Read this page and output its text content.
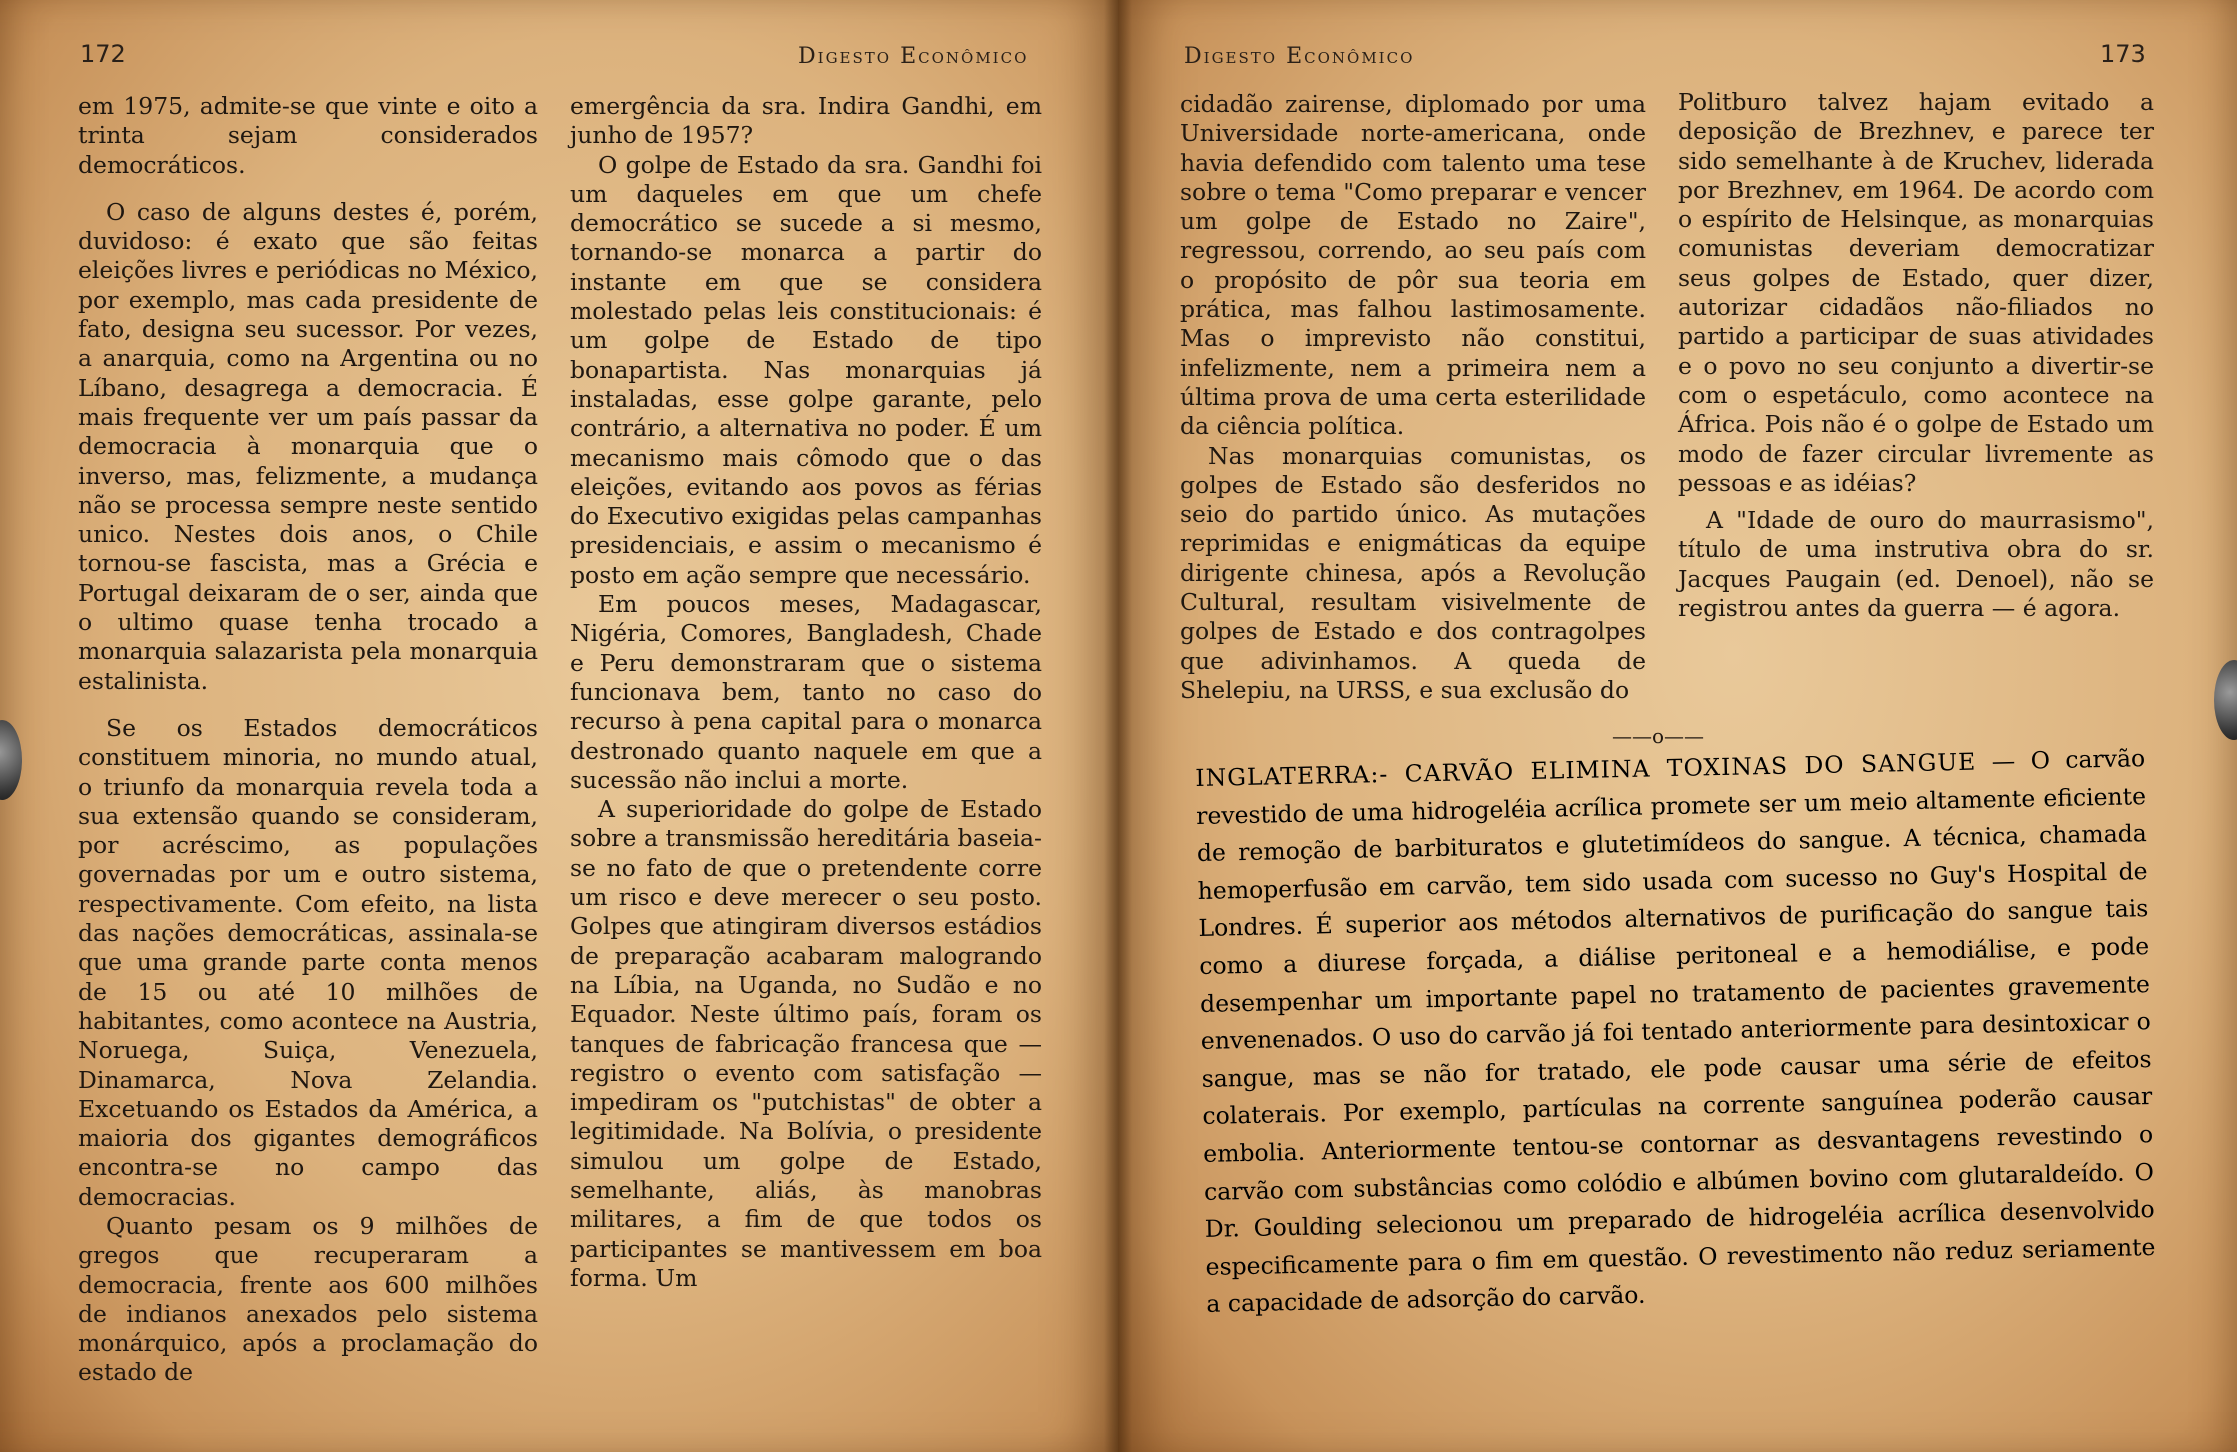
172	Digesto Econômico

em 1975, admite-se que vinte e oito a trinta sejam considerados democráticos.

O caso de alguns destes é, porém, duvidoso: é exato que são feitas eleições livres e periódicas no México, por exemplo, mas cada presidente de fato, designa seu sucessor. Por vezes, a anarquia, como na Argentina ou no Líbano, desagrega a democracia. É mais frequente ver um país passar da democracia à monarquia que o inverso, mas, felizmente, a mudança não se processa sempre neste sentido unico. Nestes dois anos, o Chile tornou-se fascista, mas a Grécia e Portugal deixaram de o ser, ainda que o ultimo quase tenha trocado a monarquia salazarista pela monarquia estalinista.

Se os Estados democráticos constituem minoria, no mundo atual, o triunfo da monarquia revela toda a sua extensão quando se consideram, por acréscimo, as populações governadas por um e outro sistema, respectivamente. Com efeito, na lista das nações democráticas, assinala-se que uma grande parte conta menos de 15 ou até 10 milhões de habitantes, como acontece na Austria, Noruega, Suiça, Venezuela, Dinamarca, Nova Zelandia. Excetuando os Estados da América, a maioria dos gigantes demográficos encontra-se no campo das democracias.

Quanto pesam os 9 milhões de gregos que recuperaram a democracia, frente aos 600 milhões de indianos anexados pelo sistema monárquico, após a proclamação do estado de

emergência da sra. Indira Gandhi, em junho de 1957?

O golpe de Estado da sra. Gandhi foi um daqueles em que um chefe democrático se sucede a si mesmo, tornando-se monarca a partir do instante em que se considera molestado pelas leis constitucionais: é um golpe de Estado de tipo bonapartista. Nas monarquias já instaladas, esse golpe garante, pelo contrário, a alternativa no poder. É um mecanismo mais cômodo que o das eleições, evitando aos povos as férias do Executivo exigidas pelas campanhas presidenciais, e assim o mecanismo é posto em ação sempre que necessário.

Em poucos meses, Madagascar, Nigéria, Comores, Bangladesh, Chade e Peru demonstraram que o sistema funcionava bem, tanto no caso do recurso à pena capital para o monarca destronado quanto naquele em que a sucessão não inclui a morte.

A superioridade do golpe de Estado sobre a transmissão hereditária baseia-se no fato de que o pretendente corre um risco e deve merecer o seu posto. Golpes que atingiram diversos estádios de preparação acabaram malogrando na Líbia, na Uganda, no Sudão e no Equador. Neste último país, foram os tanques de fabricação francesa que — registro o evento com satisfação — impediram os "putchistas" de obter a legitimidade. Na Bolívia, o presidente simulou um golpe de Estado, semelhante, aliás, às manobras militares, a fim de que todos os participantes se mantivessem em boa forma. Um

Digesto Econômico	173

cidadão zairense, diplomado por uma Universidade norte-americana, onde havia defendido com talento uma tese sobre o tema "Como preparar e vencer um golpe de Estado no Zaire", regressou, correndo, ao seu país com o propósito de pôr sua teoria em prática, mas falhou lastimosamente. Mas o imprevisto não constitui, infelizmente, nem a primeira nem a última prova de uma certa esterilidade da ciência política.

Nas monarquias comunistas, os golpes de Estado são desferidos no seio do partido único. As mutações reprimidas e enigmáticas da equipe dirigente chinesa, após a Revolução Cultural, resultam visivelmente de golpes de Estado e dos contragolpes que adivinhamos. A queda de Shelepiu, na URSS, e sua exclusão do

Politburo talvez hajam evitado a deposição de Brezhnev, e parece ter sido semelhante à de Kruchev, liderada por Brezhnev, em 1964. De acordo com o espírito de Helsinque, as monarquias comunistas deveriam democratizar seus golpes de Estado, quer dizer, autorizar cidadãos não-filiados no partido a participar de suas atividades e o povo no seu conjunto a divertir-se com o espetáculo, como acontece na África. Pois não é o golpe de Estado um modo de fazer circular livremente as pessoas e as idéias?

A "Idade de ouro do maurrasismo", título de uma instrutiva obra do sr. Jacques Paugain (ed. Denoel), não se registrou antes da guerra — é agora.

——o——
INGLATERRA:- CARVÃO ELIMINA TOXINAS DO SANGUE — O carvão revestido de uma hidrogeléia acrílica promete ser um meio altamente eficiente de remoção de barbituratos e glutetimídeos do sangue. A técnica, chamada hemoperfusão em carvão, tem sido usada com sucesso no Guy's Hospital de Londres. É superior aos métodos alternativos de purificação do sangue tais como a diurese forçada, a diálise peritoneal e a hemodiálise, e pode desempenhar um importante papel no tratamento de pacientes gravemente envenenados. O uso do carvão já foi tentado anteriormente para desintoxicar o sangue, mas se não for tratado, ele pode causar uma série de efeitos colaterais. Por exemplo, partículas na corrente sanguínea poderão causar embolia. Anteriormente tentou-se contornar as desvantagens revestindo o carvão com substâncias como colódio e albúmen bovino com glutaraldeído. O Dr. Goulding selecionou um preparado de hidrogeléia acrílica desenvolvido especificamente para o fim em questão. O revestimento não reduz seriamente a capacidade de adsorção do carvão.
